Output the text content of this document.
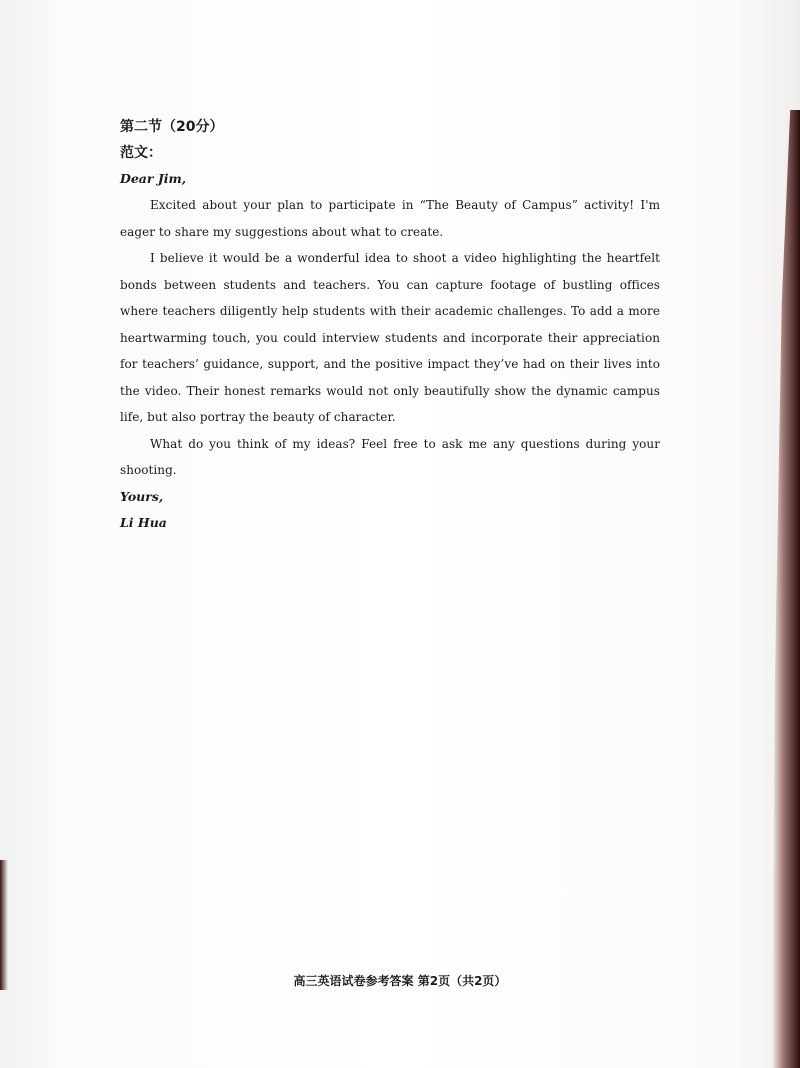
第二节（20分）

范文：

Dear Jim,

Excited about your plan to participate in “The Beauty of Campus” activity! I'm eager to share my suggestions about what to create.

I believe it would be a wonderful idea to shoot a video highlighting the heartfelt bonds between students and teachers. You can capture footage of bustling offices where teachers diligently help students with their academic challenges. To add a more heartwarming touch, you could interview students and incorporate their appreciation for teachers’ guidance, support, and the positive impact they’ve had on their lives into the video. Their honest remarks would not only beautifully show the dynamic campus life, but also portray the beauty of character.

What do you think of my ideas? Feel free to ask me any questions during your shooting.

Yours,

Li Hua

高三英语试卷参考答案 第2页（共2页）
